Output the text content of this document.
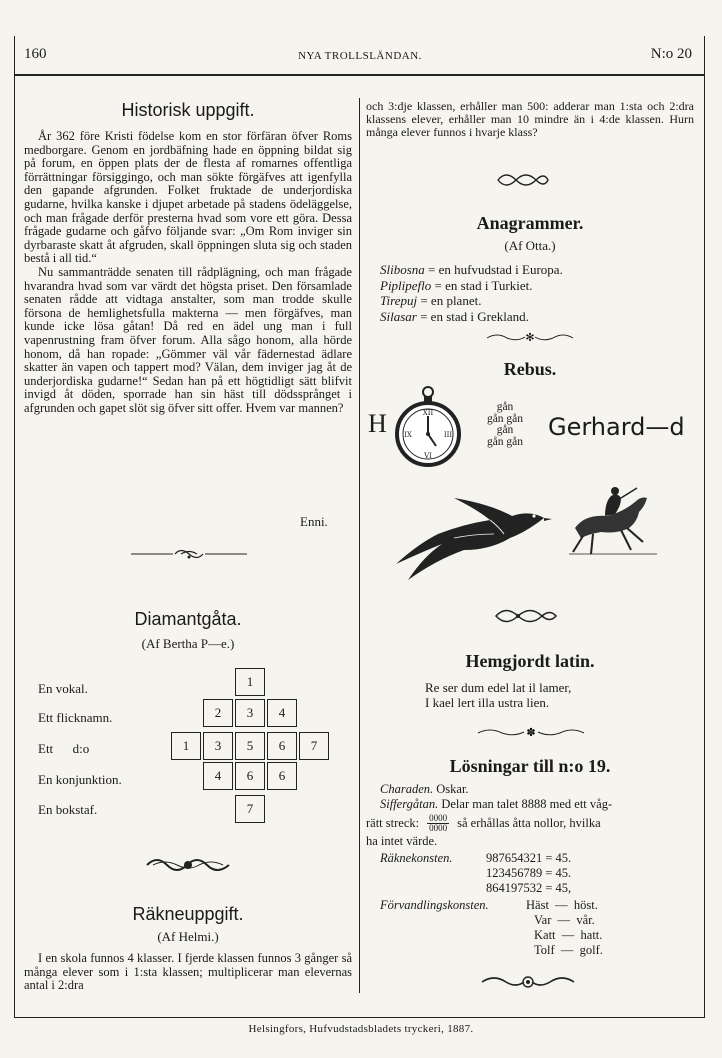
160	NYA TROLLSLÄNDAN.	N:o 20
Historisk uppgift.

År 362 före Kristi födelse kom en stor förfäran öfver Roms medborgare. Genom en jordbäfning hade en öppning bildat sig på forum, en öppen plats der de flesta af romarnes offentliga förrättningar försiggingo, och man sökte förgäfves att igenfylla den gapande afgrunden. Folket fruktade de underjordiska gudarne, hvilka kanske i djupet arbetade på stadens ödeläggelse, och man frågade derför presterna hvad som vore ett göra. Dessa frågade gudarne och gåfvo följande svar: „Om Rom inviger sin dyrbaraste skatt åt afgruden, skall öppningen sluta sig och staden bestå i all tid.“

Nu sammanträdde senaten till rådplägning, och man frågade hvarandra hvad som var värdt det högsta priset. Den församlade senaten rådde att vidtaga anstalter, som man trodde skulle försona de hemlighetsfulla makterna — men förgäfves, man kunde icke lösa gåtan! Då red en ädel ung man i full vapenrustning fram öfver forum. Alla sågo honom, alla hörde honom, då han ropade: „Gömmer väl vår fädernestad ädlare skatter än vapen och tappert mod? Välan, dem inviger jag åt de underjordiska gudarne!“ Sedan han på ett högtidligt sätt blifvit invigd åt döden, sporrade han sin häst till dödssprånget i afgrunden och gapet slöt sig öfver sitt offer. Hvem var mannen?

Enni.
Diamantgåta.
(Af Bertha P—e.)
En vokal.
Ett flicknamn.
Ett      d:o
En konjunktion.
En bokstaf.
1
2	3	4
1	3	5	6	7
4	6	6
7
Räkneuppgift.
(Af Helmi.)
I en skola funnos 4 klasser. I fjerde klassen funnos 3 gånger så många elever som i 1:sta klassen; multiplicerar man elevernas antal i 2:dra
och 3:dje klassen, erhåller man 500: adderar man 1:sta och 2:dra klassens elever, erhåller man 10 mindre än i 4:de klassen. Hurn många elever funnos i hvarje klass?
Anagrammer.
(Af Otta.)
Slibosna = en hufvudstad i Europa.
Piplipeflo = en stad i Turkiet.
Tirepuj = en planet.
Silasar = en stad i Grekland.
✻
Rebus.
H	XII
III
VI
IX
gån
gån gån
gån
gån gån
Gerhard—d
Hemgjordt latin.
Re ser dum edel lat il lamer,
I kael lert illa ustra lien.
✽
Lösningar till n:o 19.
Charaden. Oskar.
Siffergåtan. Delar man talet 8888 med ett våg-
rätt streck: 0000
0000 så erhållas åtta nollor, hvilka
ha intet värde.
Räknekonsten.	987654321 = 45.
123456789 = 45.
864197532 = 45,
Förvandlingskonsten.	Häst  —  höst.
Var  —  vår.
Katt  —  hatt.
Tolf  —  golf.
Helsingfors, Hufvudstadsbladets tryckeri, 1887.
